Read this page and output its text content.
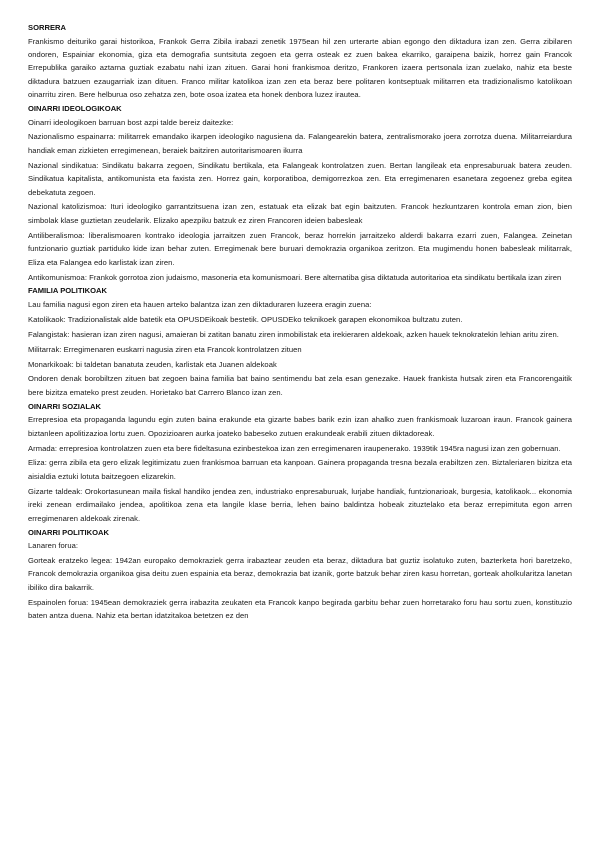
SORRERA

Frankismo deituriko garai historikoa, Frankok Gerra Zibila irabazi zenetik 1975ean hil zen urterarte abian egongo den diktadura izan zen. Gerra zibilaren ondoren, Espainiar ekonomia, giza eta demografia suntsituta zegoen eta gerra osteak ez zuen bakea ekarriko, garaipena baizik, horrez gain Francok Errepublika garaiko aztarna guztiak ezabatu nahi izan zituen. Garai honi frankismoa deritzo, Frankoren izaera pertsonala izan zuelako, nahiz eta beste diktadura batzuen ezaugarriak izan dituen. Franco militar katolikoa izan zen eta beraz bere politaren kontseptuak militarren eta tradizionalismo katolikoan oinarritu ziren. Bere helburua oso zehatza zen, bote osoa izatea eta honek denbora luzez irautea.

OINARRI IDEOLOGIKOAK

Oinarri ideologikoen barruan bost azpi talde bereiz daitezke:

Nazionalismo espainarra: militarrek emandako ikarpen ideologiko nagusiena da. Falangearekin batera, zentralismorako joera zorrotza duena. Militarreiardura handiak eman zizkieten erregimenean, beraiek baitziren autoritarismoaren ikurra

Nazional sindikatua: Sindikatu bakarra zegoen, Sindikatu bertikala, eta Falangeak kontrolatzen zuen. Bertan langileak eta enpresaburuak batera zeuden. Sindikatua kapitalista, antikomunista eta faxista zen. Horrez gain, korporatiboa, demigorrezkoa zen. Eta erregimenaren esanetara zegoenez greba egitea debekatuta zegoen.

Nazional katolizismoa: Ituri ideologiko garrantzitsuena izan zen, estatuak eta elizak bat egin baitzuten. Francok hezkuntzaren kontrola eman zion, bien simbolak klase guztietan zeudelarik. Elizako apezpiku batzuk ez ziren Francoren ideien babesleak

Antiliberalismoa: liberalismoaren kontrako ideologia jarraitzen zuen Francok, beraz horrekin jarraitzeko alderdi bakarra ezarri zuen, Falangea. Zeinetan funtzionario guztiak partiduko kide izan behar zuten. Erregimenak bere buruari demokrazia organikoa zeritzon. Eta mugimendu honen babesleak militarrak, Eliza eta Falangea edo karlistak izan ziren.

Antikomunismoa: Frankok gorrotoa zion judaismo, masoneria eta komunismoari. Bere alternatiba gisa diktatuda autoritarioa eta sindikatu bertikala izan ziren

FAMILIA POLITIKOAK

Lau familia nagusi egon ziren eta hauen arteko balantza izan zen diktaduraren luzeera eragin zuena:

Katolikaok: Tradizionalistak alde batetik eta OPUSDEikoak bestetik. OPUSDEko teknikoek garapen ekonomikoa bultzatu zuten.

Falangistak: hasieran izan ziren nagusi, amaieran bi zatitan banatu ziren inmobilistak eta irekieraren aldekoak, azken hauek teknokratekin lehian aritu ziren.

Militarrak: Erregimenaren euskarri nagusia ziren eta Francok kontrolatzen zituen

Monarkikoak: bi taldetan banatuta zeuden, karlistak eta Juanen aldekoak

Ondoren denak borobiltzen zituen bat zegoen baina familia bat baino sentimendu bat zela esan genezake. Hauek frankista hutsak ziren eta Francorengaitik bere bizitza emateko prest zeuden. Horietako bat Carrero Blanco izan zen.

OINARRI SOZIALAK

Errepresioa eta propaganda lagundu egin zuten baina erakunde eta gizarte babes barik ezin izan ahalko zuen frankismoak luzaroan iraun. Francok gainera biztanleen apolitizazioa lortu zuen. Opozizioaren aurka joateko babeseko zutuen erakundeak erabili zituen diktadoreak.

Armada: errepresioa kontrolatzen zuen eta bere fideltasuna ezinbestekoa izan zen erregimenaren iraupenerako. 1939tik 1945ra nagusi izan zen gobernuan.

Eliza: gerra zibila eta gero elizak legitimizatu zuen frankismoa barruan eta kanpoan. Gainera propaganda tresna bezala erabiltzen zen. Biztaleriaren bizitza eta aisialdia eztuki lotuta baitzegoen elizarekin.

Gizarte taldeak: Orokortasunean maila fiskal handiko jendea zen, industriako enpresaburuak, lurjabe handiak, funtzionarioak, burgesia, katolikaok... ekonomia ireki zenean erdimailako jendea, apolitikoa zena eta langile klase berria, lehen baino baldintza hobeak zituztelako eta beraz errepimituta egon arren erregimenaren aldekoak zirenak.

OINARRI POLITIKOAK

Lanaren forua:

Gorteak eratzeko legea: 1942an europako demokraziek gerra irabaztear zeuden eta beraz, diktadura bat guztiz isolatuko zuten, bazterketa hori baretzeko, Francok demokrazia organikoa gisa deitu zuen espainia eta beraz, demokrazia bat izanik, gorte batzuk behar ziren kasu horretan, gorteak aholkularitza lanetan ibiliko dira bakarrik.

Espainolen forua: 1945ean demokraziek gerra irabazita zeukaten eta Francok kanpo begirada garbitu behar zuen horretarako foru hau sortu zuen, konstituzio baten antza duena. Nahiz eta bertan idatzitakoa betetzen ez den
